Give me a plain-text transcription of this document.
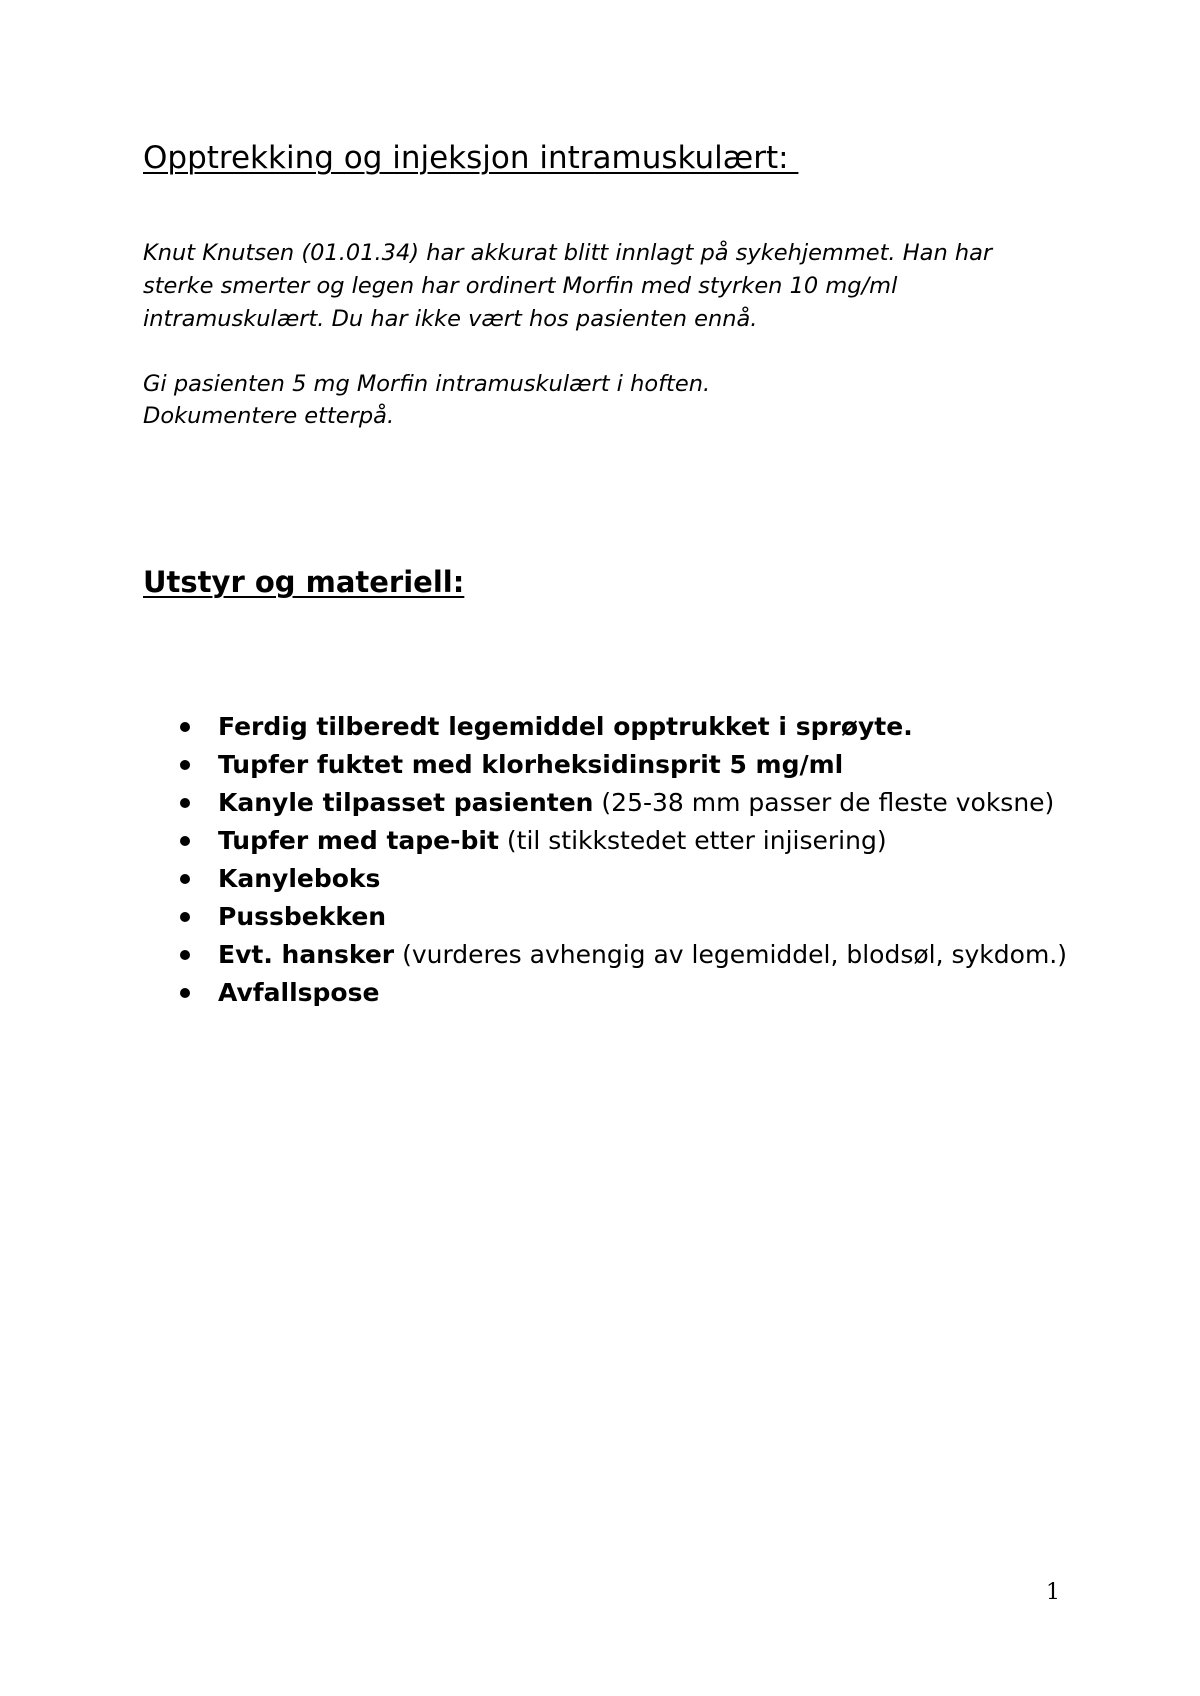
Opptrekking og injeksjon intramuskulært:

Knut Knutsen (01.01.34) har akkurat blitt innlagt på sykehjemmet. Han har sterke smerter og legen har ordinert Morfin med styrken 10 mg/ml intramuskulært. Du har ikke vært hos pasienten ennå.

Gi pasienten 5 mg Morfin intramuskulært i hoften.
Dokumentere etterpå.

Utstyr og materiell:
Ferdig tilberedt legemiddel opptrukket i sprøyte.
Tupfer fuktet med klorheksidinsprit 5 mg/ml
Kanyle tilpasset pasienten (25-38 mm passer de fleste voksne)
Tupfer med tape-bit (til stikkstedet etter injisering)
Kanyleboks
Pussbekken
Evt. hansker (vurderes avhengig av legemiddel, blodsøl, sykdom.)
Avfallspose
1
